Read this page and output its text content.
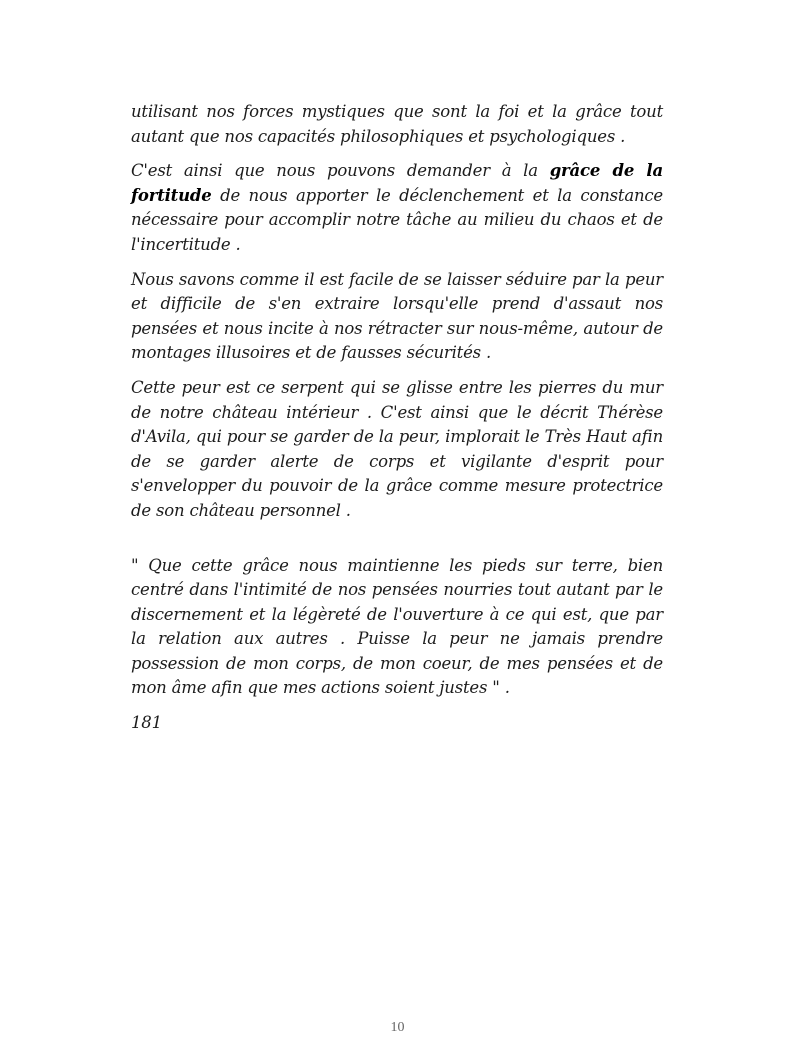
utilisant nos forces mystiques que sont la foi et la grâce tout autant que nos capacités philosophiques et psychologiques .

C'est ainsi que nous pouvons demander à la grâce de la fortitude de nous apporter le déclenchement et la constance nécessaire pour accomplir notre tâche au milieu du chaos et de l'incertitude .

Nous savons comme il est facile de se laisser séduire par la peur et difficile de s'en extraire lorsqu'elle prend d'assaut nos pensées et nous incite à nos rétracter sur nous-même, autour de montages illusoires et de fausses sécurités .

Cette peur est ce serpent qui se glisse entre les pierres du mur de notre château intérieur . C'est ainsi que le décrit Thérèse d'Avila, qui pour se garder de la peur, implorait le Très Haut afin de se garder alerte de corps et vigilante d'esprit pour s'envelopper du pouvoir de la grâce comme mesure protectrice de son château personnel .

" Que cette grâce nous maintienne les pieds sur terre, bien centré dans l'intimité de nos pensées nourries tout autant par le discernement et la légèreté de l'ouverture à ce qui est, que par la relation aux autres . Puisse la peur ne jamais prendre possession de mon corps, de mon coeur, de mes pensées et de mon âme afin que mes actions soient justes " .

181

10
